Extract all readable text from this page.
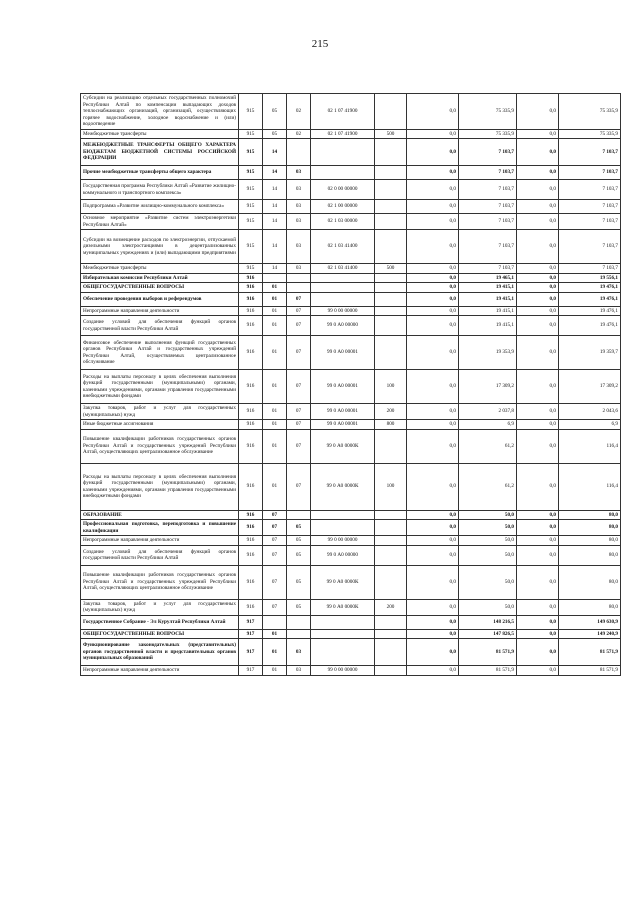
215
Субсидии на реализацию отдельных государственных полномочий Республики Алтай по компенсации выпадающих доходов теплоснабжающих организаций, организаций, осуществляющих горячее водоснабжение, холодное водоснабжение и (или) водоотведение	915	05	02	02 1 07 41900		0,0	75 335,9	0,0	75 335,9
Межбюджетные трансферты	915	05	02	02 1 07 41900	500	0,0	75 335,9	0,0	75 335,9
МЕЖБЮДЖЕТНЫЕ ТРАНСФЕРТЫ ОБЩЕГО ХАРАКТЕРА БЮДЖЕТАМ БЮДЖЕТНОЙ СИСТЕМЫ РОССИЙСКОЙ ФЕДЕРАЦИИ	915	14				0,0	7 103,7	0,0	7 103,7
Прочие межбюджетные трансферты общего характера	915	14	03			0,0	7 103,7	0,0	7 103,7
Государственная программа Республики Алтай «Развитие жилищно-коммунального и транспортного комплекса»	915	14	03	02 0 00 00000		0,0	7 103,7	0,0	7 103,7
Подпрограмма «Развитие жилищно-коммунального комплекса»	915	14	03	02 1 00 00000		0,0	7 103,7	0,0	7 103,7
Основное мероприятие «Развитие систем электроэнергетики Республики Алтай»	915	14	03	02 1 03 00000		0,0	7 103,7	0,0	7 103,7
Субсидии на возмещение расходов по электроэнергии, отпускаемой дизельными электростанциями в децентрализованных муниципальных учреждениях и (или) выпадающими предприятиями	915	14	03	02 1 03 41400		0,0	7 103,7	0,0	7 103,7
Межбюджетные трансферты	915	14	03	02 1 03 41400	500	0,0	7 103,7	0,0	7 103,7
Избирательная комиссия Республики Алтай	916					0,0	19 465,1	0,0	19 556,1
ОБЩЕГОСУДАРСТВЕННЫЕ ВОПРОСЫ	916	01				0,0	19 415,1	0,0	19 476,1
Обеспечение проведения выборов и референдумов	916	01	07			0,0	19 415,1	0,0	19 476,1
Непрограммные направления деятельности	916	01	07	99 0 00 00000		0,0	19 415,1	0,0	19 476,1
Создание условий для обеспечения функций органов государственной власти Республики Алтай	916	01	07	99 0 А0 00000		0,0	19 415,1	0,0	19 476,1
Финансовое обеспечение выполнения функций государственных органов Республики Алтай и государственных учреждений Республики Алтай, осуществляемых централизованное обслуживание	916	01	07	99 0 А0 00001		0,0	19 353,9	0,0	19 359,7
Расходы на выплаты персоналу в целях обеспечения выполнения функций государственными (муниципальными) органами, казенными учреждениями, органами управления государственными внебюджетными фондами	916	01	07	99 0 А0 00001	100	0,0	17 309,2	0,0	17 309,2
Закупка товаров, работ и услуг для государственных (муниципальных) нужд	916	01	07	99 0 А0 00001	200	0,0	2 037,8	0,0	2 043,6
Иные бюджетные ассигнования	916	01	07	99 0 А0 00001	800	0,0	6,9	0,0	6,9
Повышение квалификации работников государственных органов Республики Алтай и государственных учреждений Республики Алтай, осуществляющих централизованное обслуживание	916	01	07	99 0 А0 0000К		0,0	61,2	0,0	116,4
Расходы на выплаты персоналу в целях обеспечения выполнения функций государственными (муниципальными) органами, казенными учреждениями, органами управления государственными внебюджетными фондами	916	01	07	99 0 А0 0000К	100	0,0	61,2	0,0	116,4
ОБРАЗОВАНИЕ	916	07				0,0	50,0	0,0	80,0
Профессиональная подготовка, переподготовка и повышение квалификации	916	07	05			0,0	50,0	0,0	80,0
Непрограммные направления деятельности	916	07	05	99 0 00 00000		0,0	50,0	0,0	80,0
Создание условий для обеспечения функций органов государственной власти Республики Алтай	916	07	05	99 0 А0 00000		0,0	50,0	0,0	80,0
Повышение квалификации работников государственных органов Республики Алтай и государственных учреждений Республики Алтай, осуществляющих централизованное обслуживание	916	07	05	99 0 А0 0000К		0,0	50,0	0,0	80,0
Закупка товаров, работ и услуг для государственных (муниципальных) нужд	916	07	05	99 0 А0 0000К	200	0,0	50,0	0,0	80,0
Государственное Собрание - Эл Курултай Республики Алтай	917					0,0	148 216,5	0,0	149 630,9
ОБЩЕГОСУДАРСТВЕННЫЕ ВОПРОСЫ	917	01				0,0	147 826,5	0,0	149 240,9
Функционирование законодательных (представительных) органов государственной власти и представительных органов муниципальных образований	917	01	03			0,0	81 571,9	0,0	81 571,9
Непрограммные направления деятельности	917	01	03	99 0 00 00000		0,0	81 571,9	0,0	81 571,9
